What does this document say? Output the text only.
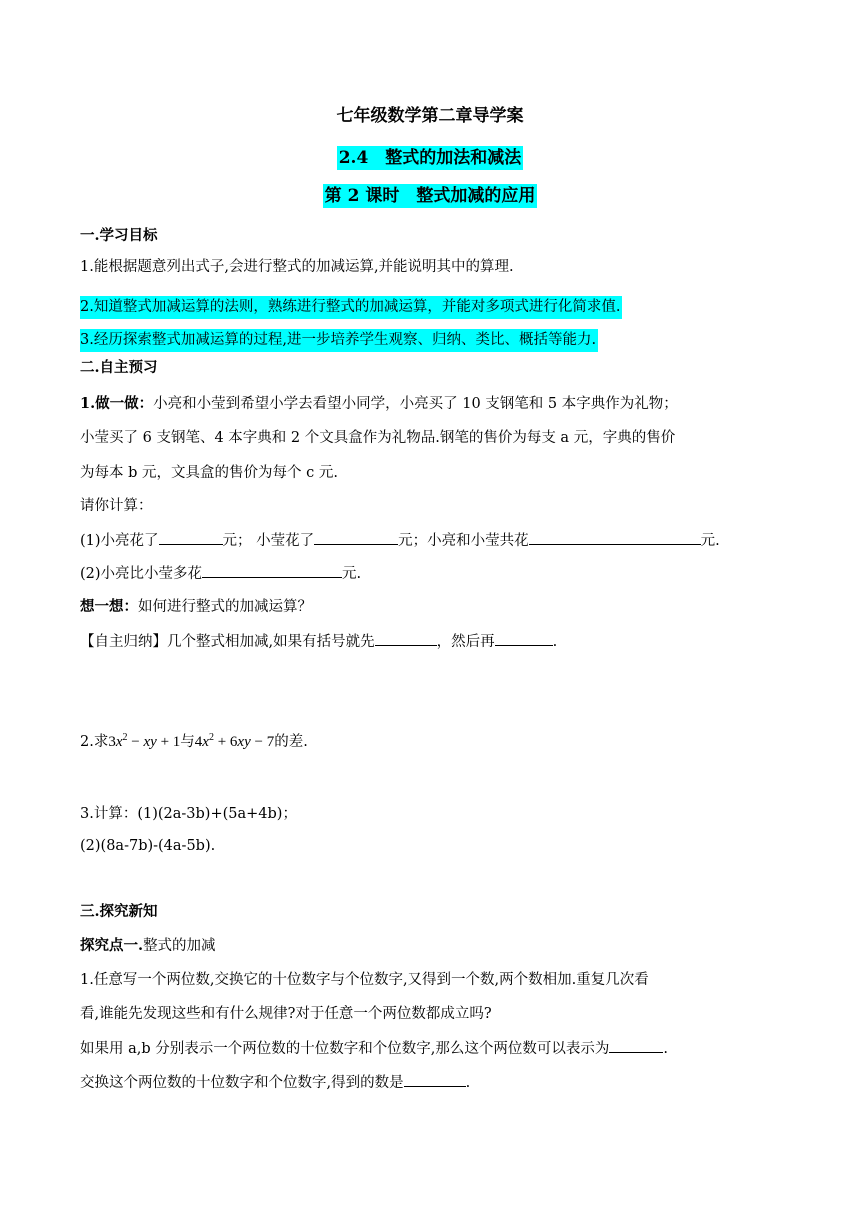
七年级数学第二章导学案
2.4　整式的加法和减法
第 2 课时　整式加减的应用
一.学习目标
1.能根据题意列出式子,会进行整式的加减运算,并能说明其中的算理.
2.知道整式加减运算的法则，熟练进行整式的加减运算，并能对多项式进行化简求值.
3.经历探索整式加减运算的过程,进一步培养学生观察、归纳、类比、概括等能力.
二.自主预习
1.做一做：小亮和小莹到希望小学去看望小同学，小亮买了 10 支钢笔和 5 本字典作为礼物；
小莹买了 6 支钢笔、4 本字典和 2 个文具盒作为礼物品.钢笔的售价为每支 a 元，字典的售价
为每本 b 元，文具盒的售价为每个 c 元.
请你计算：
(1)小亮花了	元； 小莹花了	元；小亮和小莹共花	元.
(2)小亮比小莹多花	元.
想一想：如何进行整式的加减运算？
【自主归纳】几个整式相加减,如果有括号就先	，然后再	.
2.求$3x^2$ − xy + 1与$4x^2 + 6xy - 7$的差.
3.计算：(1)(2a-3b)+(5a+4b)；
(2)(8a-7b)-(4a-5b).
三.探究新知
探究点一.整式的加减
1.任意写一个两位数,交换它的十位数字与个位数字,又得到一个数,两个数相加.重复几次看
看,谁能先发现这些和有什么规律?对于任意一个两位数都成立吗?
如果用 a,b 分别表示一个两位数的十位数字和个位数字,那么这个两位数可以表示为	.
交换这个两位数的十位数字和个位数字,得到的数是	.
